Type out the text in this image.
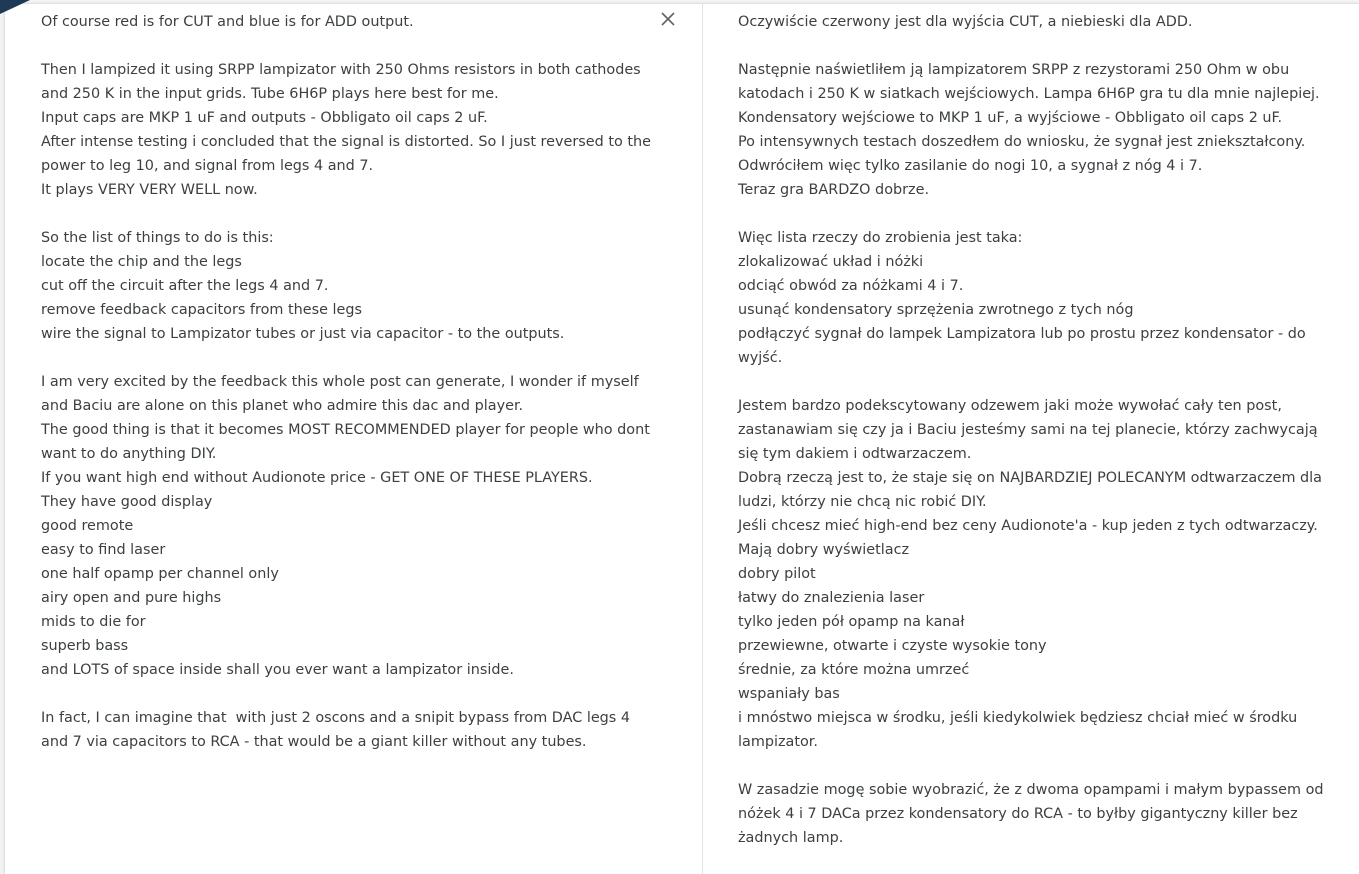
Of course red is for CUT and blue is for ADD output.

Then I lampized it using SRPP lampizator with 250 Ohms resistors in both cathodes and 250 K in the input grids. Tube 6H6P plays here best for me.
Input caps are MKP 1 uF and outputs - Obbligato oil caps 2 uF.
After intense testing i concluded that the signal is distorted. So I just reversed to the power to leg 10, and signal from legs 4 and 7.
It plays VERY VERY WELL now.

So the list of things to do is this:
locate the chip and the legs
cut off the circuit after the legs 4 and 7.
remove feedback capacitors from these legs
wire the signal to Lampizator tubes or just via capacitor - to the outputs.

I am very excited by the feedback this whole post can generate, I wonder if myself and Baciu are alone on this planet who admire this dac and player.
The good thing is that it becomes MOST RECOMMENDED player for people who dont want to do anything DIY.
If you want high end without Audionote price - GET ONE OF THESE PLAYERS.
They have good display
good remote
easy to find laser
one half opamp per channel only
airy open and pure highs
mids to die for
superb bass
and LOTS of space inside shall you ever want a lampizator inside.

In fact, I can imagine that  with just 2 oscons and a snipit bypass from DAC legs 4 and 7 via capacitors to RCA - that would be a giant killer without any tubes.

Oczywiście czerwony jest dla wyjścia CUT, a niebieski dla ADD.

Następnie naświetliłem ją lampizatorem SRPP z rezystorami 250 Ohm w obu katodach i 250 K w siatkach wejściowych. Lampa 6H6P gra tu dla mnie najlepiej.
Kondensatory wejściowe to MKP 1 uF, a wyjściowe - Obbligato oil caps 2 uF.
Po intensywnych testach doszedłem do wniosku, że sygnał jest zniekształcony. Odwróciłem więc tylko zasilanie do nogi 10, a sygnał z nóg 4 i 7.
Teraz gra BARDZO dobrze.

Więc lista rzeczy do zrobienia jest taka:
zlokalizować układ i nóżki
odciąć obwód za nóżkami 4 i 7.
usunąć kondensatory sprzężenia zwrotnego z tych nóg
podłączyć sygnał do lampek Lampizatora lub po prostu przez kondensator - do wyjść.

Jestem bardzo podekscytowany odzewem jaki może wywołać cały ten post, zastanawiam się czy ja i Baciu jesteśmy sami na tej planecie, którzy zachwycają się tym dakiem i odtwarzaczem.
Dobrą rzeczą jest to, że staje się on NAJBARDZIEJ POLECANYM odtwarzaczem dla ludzi, którzy nie chcą nic robić DIY.
Jeśli chcesz mieć high-end bez ceny Audionote'a - kup jeden z tych odtwarzaczy.
Mają dobry wyświetlacz
dobry pilot
łatwy do znalezienia laser
tylko jeden pół opamp na kanał
przewiewne, otwarte i czyste wysokie tony
średnie, za które można umrzeć
wspaniały bas
i mnóstwo miejsca w środku, jeśli kiedykolwiek będziesz chciał mieć w środku lampizator.

W zasadzie mogę sobie wyobrazić, że z dwoma opampami i małym bypassem od nóżek 4 i 7 DACa przez kondensatory do RCA - to byłby gigantyczny killer bez żadnych lamp.
